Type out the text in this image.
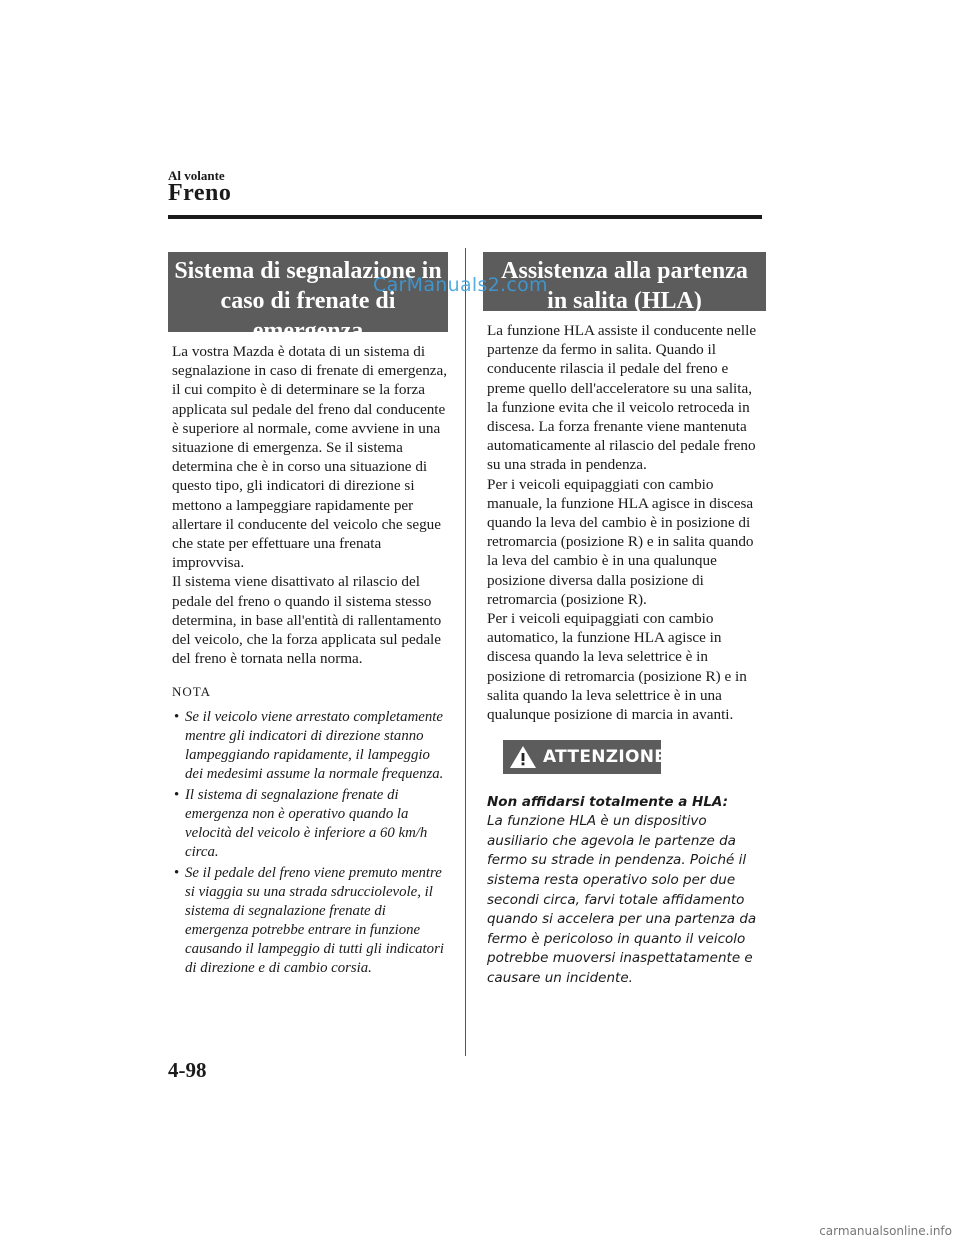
Al volante
Freno
Sistema di segnalazione in caso di frenate di emergenza

La vostra Mazda è dotata di un sistema di segnalazione in caso di frenate di emergenza, il cui compito è di determinare se la forza applicata sul pedale del freno dal conducente è superiore al normale, come avviene in una situazione di emergenza. Se il sistema determina che è in corso una situazione di questo tipo, gli indicatori di direzione si mettono a lampeggiare rapidamente per allertare il conducente del veicolo che segue che state per effettuare una frenata improvvisa.

Il sistema viene disattivato al rilascio del pedale del freno o quando il sistema stesso determina, in base all'entità di rallentamento del veicolo, che la forza applicata sul pedale del freno è tornata nella norma.

NOTA
• Se il veicolo viene arrestato completamente mentre gli indicatori di direzione stanno lampeggiando rapidamente, il lampeggio dei medesimi assume la normale frequenza.
• Il sistema di segnalazione frenate di emergenza non è operativo quando la velocità del veicolo è inferiore a 60 km/h circa.
• Se il pedale del freno viene premuto mentre si viaggia su una strada sdrucciolevole, il sistema di segnalazione frenate di emergenza potrebbe entrare in funzione causando il lampeggio di tutti gli indicatori di direzione e di cambio corsia.
Assistenza alla partenza in salita (HLA)

La funzione HLA assiste il conducente nelle partenze da fermo in salita. Quando il conducente rilascia il pedale del freno e preme quello dell'acceleratore su una salita, la funzione evita che il veicolo retroceda in discesa. La forza frenante viene mantenuta automaticamente al rilascio del pedale freno su una strada in pendenza.

Per i veicoli equipaggiati con cambio manuale, la funzione HLA agisce in discesa quando la leva del cambio è in posizione di retromarcia (posizione R) e in salita quando la leva del cambio è in una qualunque posizione diversa dalla posizione di retromarcia (posizione R).

Per i veicoli equipaggiati con cambio automatico, la funzione HLA agisce in discesa quando la leva selettrice è in posizione di retromarcia (posizione R) e in salita quando la leva selettrice è in una qualunque posizione di marcia in avanti.

ATTENZIONE
Non affidarsi totalmente a HLA:
La funzione HLA è un dispositivo ausiliario che agevola le partenze da fermo su strade in pendenza. Poiché il sistema resta operativo solo per due secondi circa, farvi totale affidamento quando si accelera per una partenza da fermo è pericoloso in quanto il veicolo potrebbe muoversi inaspettatamente e causare un incidente.
CarManuals2.com
4-98
carmanualsonline.info
